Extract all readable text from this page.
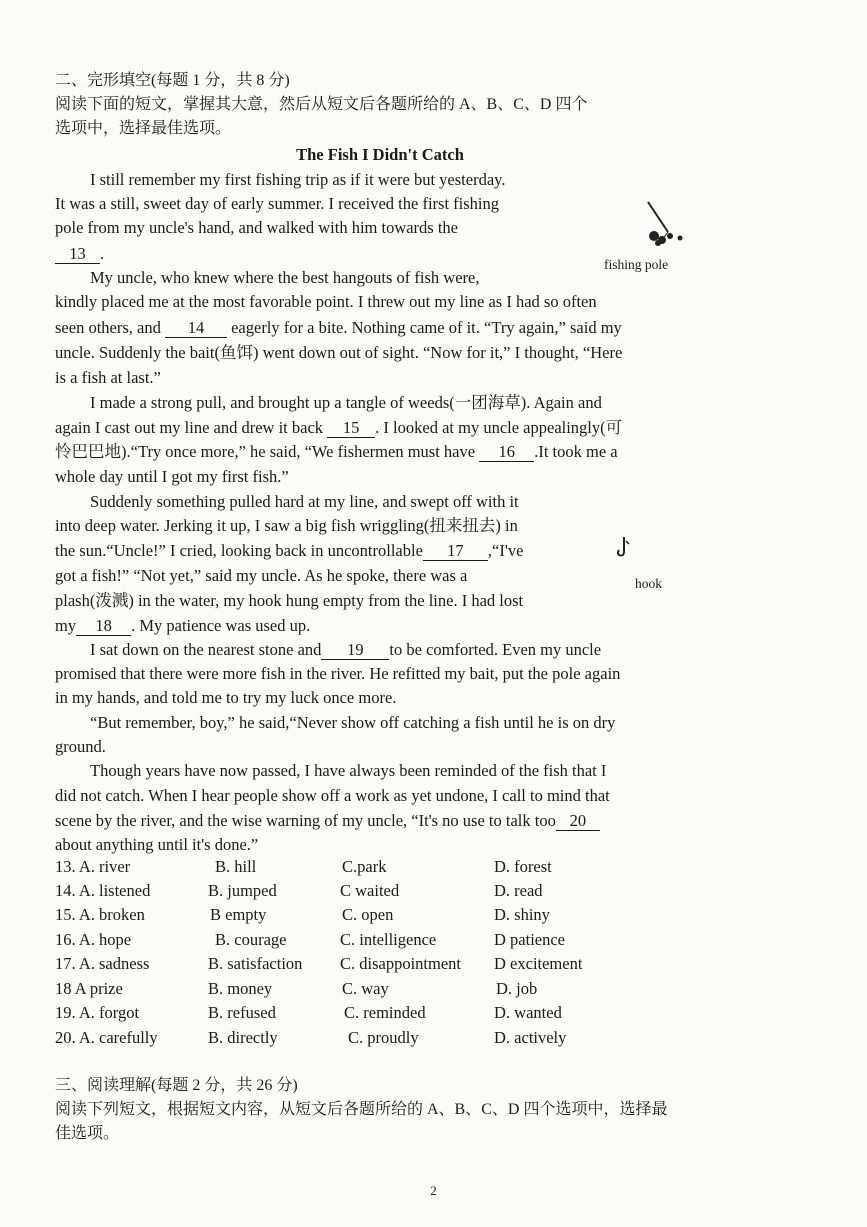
二、完形填空(每题 1 分，共 8 分)
阅读下面的短文，掌握其大意，然后从短文后各题所给的 A、B、C、D 四个
选项中，选择最佳选项。
The Fish I Didn't Catch
I still remember my first fishing trip as if it were but yesterday.
It was a still, sweet day of early summer. I received the first fishing
pole from my uncle's hand, and walked with him towards the
13 .
My uncle, who knew where the best hangouts of fish were,
kindly placed me at the most favorable point. I threw out my line as I had so often
seen others, and 14 eagerly for a bite. Nothing came of it. “Try again,” said my
uncle. Suddenly the bait(鱼饵) went down out of sight. “Now for it,” I thought, “Here
is a fish at last.”
I made a strong pull, and brought up a tangle of weeds(一团海草). Again and
again I cast out my line and drew it back 15 . I looked at my uncle appealingly(可
怜巴巴地).“Try once more,” he said, “We fishermen must have 16 .It took me a
whole day until I got my first fish.”
Suddenly something pulled hard at my line, and swept off with it
into deep water. Jerking it up, I saw a big fish wriggling(扭来扭去) in
the sun.“Uncle!” I cried, looking back in uncontrollable 17 ,“I've
got a fish!” “Not yet,” said my uncle. As he spoke, there was a
plash(泼溅) in the water, my hook hung empty from the line. I had lost
my 18 . My patience was used up.
I sat down on the nearest stone and 19 to be comforted. Even my uncle
promised that there were more fish in the river. He refitted my bait, put the pole again
in my hands, and told me to try my luck once more.
“But remember, boy,” he said,“Never show off catching a fish until he is on dry
ground.
Though years have now passed, I have always been reminded of the fish that I
did not catch. When I hear people show off a work as yet undone, I call to mind that
scene by the river, and the wise warning of my uncle, “It's no use to talk too 20
about anything until it's done.”
fishing pole
hook
13. A. river	B. hill	C.park	D. forest
14. A. listened	B. jumped	C waited	D. read
15. A. broken	B empty	C. open	D. shiny
16. A. hope	B. courage	C. intelligence	D patience
17. A. sadness	B. satisfaction C. disappointment D excitement
18 A prize	B. money	C. way	D. job
19. A. forgot	B. refused	C. reminded	D. wanted
20. A. carefully	B. directly	C. proudly	D. actively
三、阅读理解(每题 2 分，共 26 分)
阅读下列短文，根据短文内容，从短文后各题所给的 A、B、C、D 四个选项中，选择最
佳选项。
2
